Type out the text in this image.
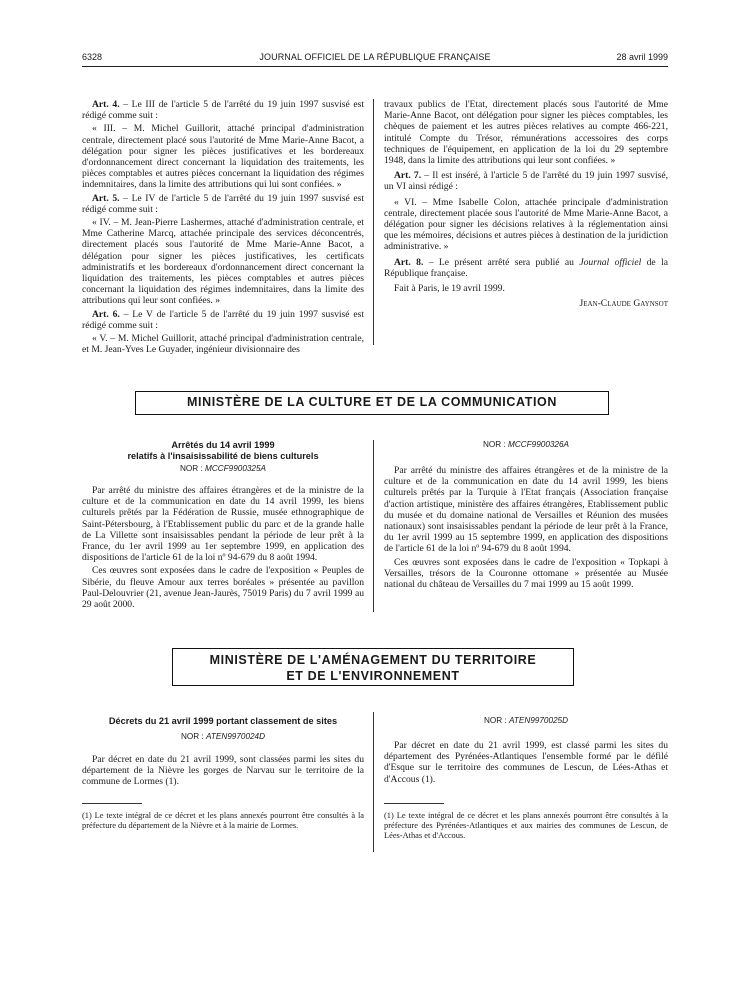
6328	JOURNAL OFFICIEL DE LA RÉPUBLIQUE FRANÇAISE	28 avril 1999

Art. 4. – Le III de l'article 5 de l'arrêté du 19 juin 1997 susvisé est rédigé comme suit :

« III. – M. Michel Guillorit, attaché principal d'administration centrale, directement placé sous l'autorité de Mme Marie-Anne Bacot, a délégation pour signer les pièces justificatives et les bordereaux d'ordonnancement direct concernant la liquidation des traitements, les pièces comptables et autres pièces concernant la liquidation des régimes indemnitaires, dans la limite des attributions qui lui sont confiées. »

Art. 5. – Le IV de l'article 5 de l'arrêté du 19 juin 1997 susvisé est rédigé comme suit :

« IV. – M. Jean-Pierre Lashermes, attaché d'administration centrale, et Mme Catherine Marcq, attachée principale des services déconcentrés, directement placés sous l'autorité de Mme Marie-Anne Bacot, a délégation pour signer les pièces justificatives, les certificats administratifs et les bordereaux d'ordonnancement direct concernant la liquidation des traitements, les pièces comptables et autres pièces concernant la liquidation des régimes indemnitaires, dans la limite des attributions qui leur sont confiées. »

Art. 6. – Le V de l'article 5 de l'arrêté du 19 juin 1997 susvisé est rédigé comme suit :

« V. – M. Michel Guillorit, attaché principal d'administration centrale, et M. Jean-Yves Le Guyader, ingénieur divisionnaire des

travaux publics de l'Etat, directement placés sous l'autorité de Mme Marie-Anne Bacot, ont délégation pour signer les pièces comptables, les chèques de paiement et les autres pièces relatives au compte 466-221, intitulé Compte du Trésor, rémunérations accessoires des corps techniques de l'équipement, en application de la loi du 29 septembre 1948, dans la limite des attributions qui leur sont confiées. »

Art. 7. – Il est inséré, à l'article 5 de l'arrêté du 19 juin 1997 susvisé, un VI ainsi rédigé :

« VI. – Mme Isabelle Colon, attachée principale d'administration centrale, directement placée sous l'autorité de Mme Marie-Anne Bacot, a délégation pour signer les décisions relatives à la réglementation ainsi que les mémoires, décisions et autres pièces à destination de la juridiction administrative. »

Art. 8. – Le présent arrêté sera publié au Journal officiel de la République française.

Fait à Paris, le 19 avril 1999.

Jean-Claude Gaynsot

MINISTÈRE DE LA CULTURE ET DE LA COMMUNICATION
Arrêtés du 14 avril 1999
relatifs à l'insaisissabilité de biens culturels
NOR : MCCF9900325A

Par arrêté du ministre des affaires étrangères et de la ministre de la culture et de la communication en date du 14 avril 1999, les biens culturels prêtés par la Fédération de Russie, musée ethnographique de Saint-Pétersbourg, à l'Etablissement public du parc et de la grande halle de La Villette sont insaisissables pendant la période de leur prêt à la France, du 1er avril 1999 au 1er septembre 1999, en application des dispositions de l'article 61 de la loi nº 94-679 du 8 août 1994.

Ces œuvres sont exposées dans le cadre de l'exposition « Peuples de Sibérie, du fleuve Amour aux terres boréales » présentée au pavillon Paul-Delouvrier (21, avenue Jean-Jaurès, 75019 Paris) du 7 avril 1999 au 29 août 2000.

NOR : MCCF9900326A

Par arrêté du ministre des affaires étrangères et de la ministre de la culture et de la communication en date du 14 avril 1999, les biens culturels prêtés par la Turquie à l'Etat français (Association française d'action artistique, ministère des affaires étrangères, Etablissement public du musée et du domaine national de Versailles et Réunion des musées nationaux) sont insaisissables pendant la période de leur prêt à la France, du 1er avril 1999 au 15 septembre 1999, en application des dispositions de l'article 61 de la loi nº 94-679 du 8 août 1994.

Ces œuvres sont exposées dans le cadre de l'exposition « Topkapi à Versailles, trésors de la Couronne ottomane » présentée au Musée national du château de Versailles du 7 mai 1999 au 15 août 1999.

MINISTÈRE DE L'AMÉNAGEMENT DU TERRITOIRE
ET DE L'ENVIRONNEMENT
Décrets du 21 avril 1999 portant classement de sites
NOR : ATEN9970024D

Par décret en date du 21 avril 1999, sont classées parmi les sites du département de la Nièvre les gorges de Narvau sur le territoire de la commune de Lormes (1).

(1) Le texte intégral de ce décret et les plans annexés pourront être consultés à la préfecture du département de la Nièvre et à la mairie de Lormes.
NOR : ATEN9970025D

Par décret en date du 21 avril 1999, est classé parmi les sites du département des Pyrénées-Atlantiques l'ensemble formé par le défilé d'Esque sur le territoire des communes de Lescun, de Lées-Athas et d'Accous (1).

(1) Le texte intégral de ce décret et les plans annexés pourront être consultés à la préfecture des Pyrénées-Atlantiques et aux mairies des communes de Lescun, de Lées-Athas et d'Accous.
